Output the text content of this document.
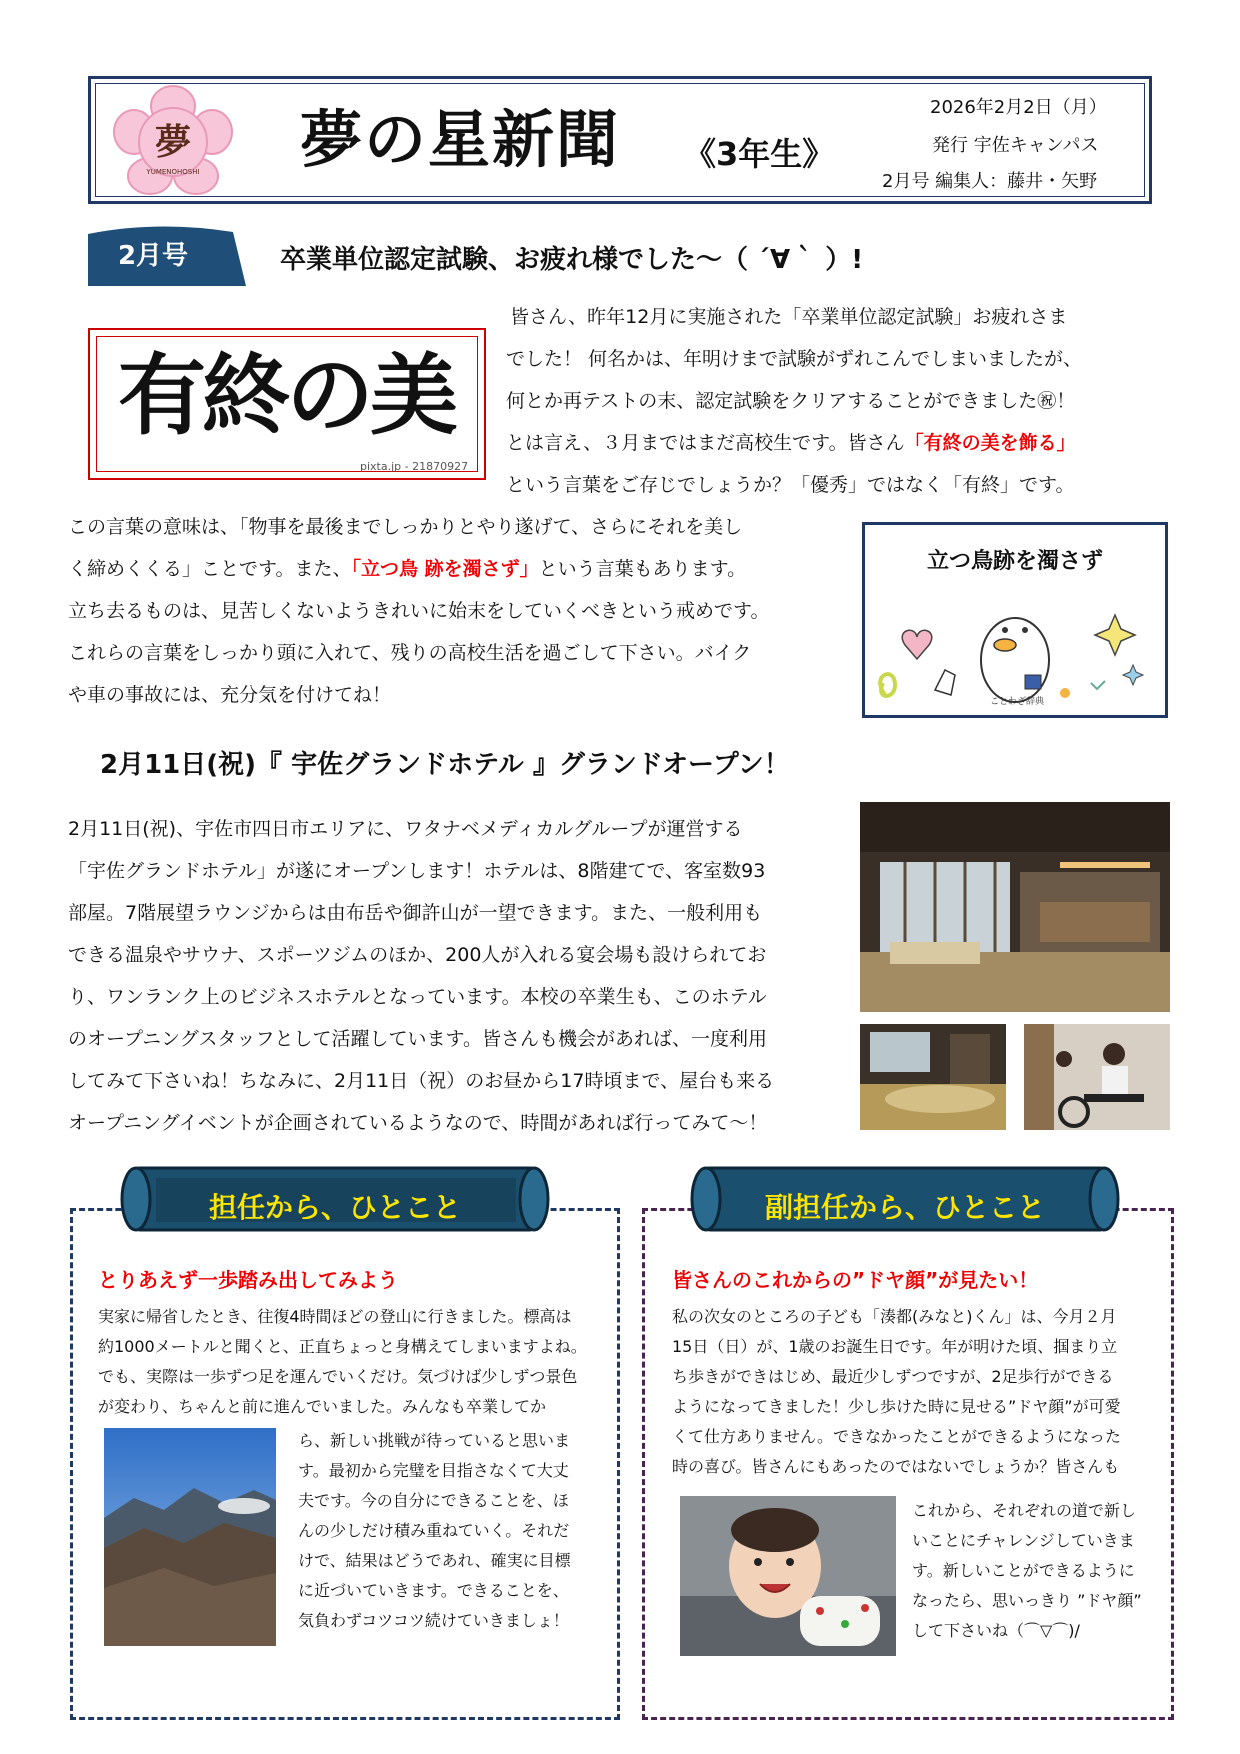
夢
YUMENOHOSHI 夢の星新聞 《3年生》
2026年2月2日（月）
発行 宇佐キャンパス
2月号 編集人：藤井・矢野
2月号	卒業単位認定試験、お疲れ様でした～（ ´∀｀ ）!
有終の美
pixta.jp - 21870927
皆さん、昨年12月に実施された「卒業単位認定試験」お疲れさま
でした！ 何名かは、年明けまで試験がずれこんでしまいましたが、
何とか再テストの末、認定試験をクリアすることができました㊗！
とは言え、３月まではまだ高校生です。皆さん「有終の美を飾る」
という言葉をご存じでしょうか？「優秀」ではなく「有終」です。
この言葉の意味は、「物事を最後までしっかりとやり遂げて、さらにそれを美し
く締めくくる」ことです。また、「立つ鳥 跡を濁さず」という言葉もあります。
立ち去るものは、見苦しくないようきれいに始末をしていくべきという戒めです。
これらの言葉をしっかり頭に入れて、残りの高校生活を過ごして下さい。バイク
や車の事故には、充分気を付けてね！
立つ鳥跡を濁さず
ことわざ辞典
2月11日(祝)『 宇佐グランドホテル 』グランドオープン！
2月11日(祝)、宇佐市四日市エリアに、ワタナベメディカルグループが運営する
「宇佐グランドホテル」が遂にオープンします！ホテルは、8階建てで、客室数93
部屋。7階展望ラウンジからは由布岳や御許山が一望できます。また、一般利用も
できる温泉やサウナ、スポーツジムのほか、200人が入れる宴会場も設けられてお
り、ワンランク上のビジネスホテルとなっています。本校の卒業生も、このホテル
のオープニングスタッフとして活躍しています。皆さんも機会があれば、一度利用
してみて下さいね！ちなみに、2月11日（祝）のお昼から17時頃まで、屋台も来る
オープニングイベントが企画されているようなので、時間があれば行ってみて～！
担任から、ひとこと	副担任から、ひとこと
とりあえず一歩踏み出してみよう
実家に帰省したとき、往復4時間ほどの登山に行きました。標高は
約1000メートルと聞くと、正直ちょっと身構えてしまいますよね。
でも、実際は一歩ずつ足を運んでいくだけ。気づけば少しずつ景色
が変わり、ちゃんと前に進んでいました。みんなも卒業してか
ら、新しい挑戦が待っていると思いま
す。最初から完璧を目指さなくて大丈
夫です。今の自分にできることを、ほ
んの少しだけ積み重ねていく。それだ
けで、結果はどうであれ、確実に目標
に近づいていきます。できることを、
気負わずコツコツ続けていきましょ！
皆さんのこれからの”ドヤ顔”が見たい！
私の次女のところの子ども「湊都(みなと)くん」は、今月２月
15日（日）が、1歳のお誕生日です。年が明けた頃、掴まり立
ち歩きができはじめ、最近少しずつですが、2足歩行ができる
ようになってきました！少し歩けた時に見せる”ドヤ顔”が可愛
くて仕方ありません。できなかったことができるようになった
時の喜び。皆さんにもあったのではないでしょうか？皆さんも
これから、それぞれの道で新し
いことにチャレンジしていきま
す。新しいことができるように
なったら、思いっきり ”ドヤ顔”
して下さいね（⌒▽⌒)/
